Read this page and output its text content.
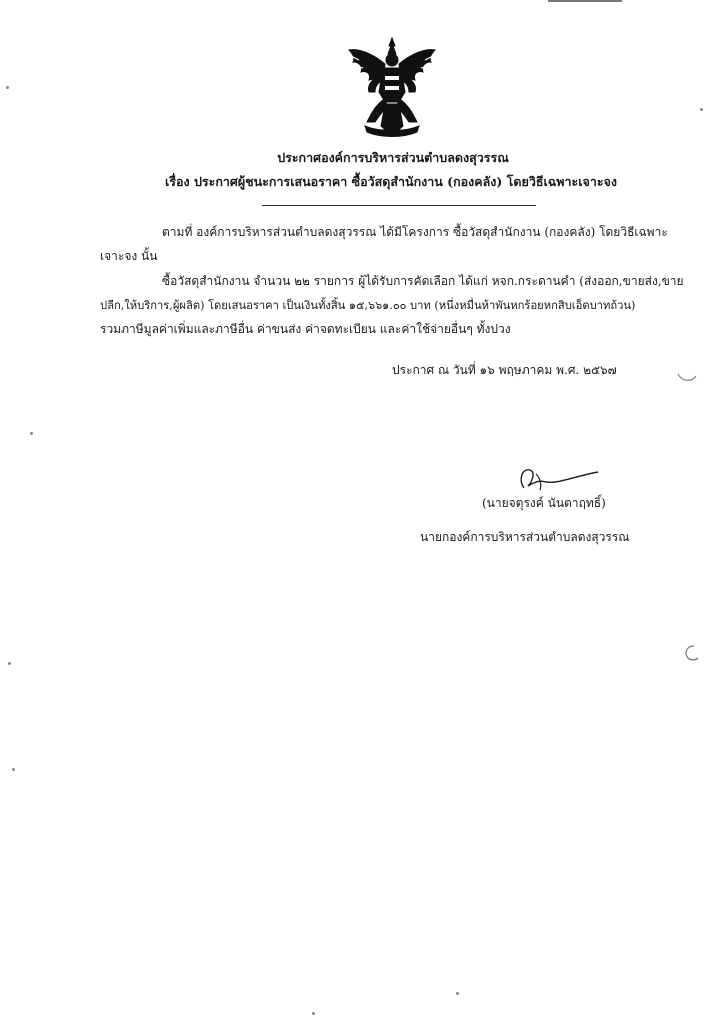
ประกาศองค์การบริหารส่วนตำบลดงสุวรรณ
เรื่อง ประกาศผู้ชนะการเสนอราคา ซื้อวัสดุสำนักงาน (กองคลัง) โดยวิธีเฉพาะเจาะจง
ตามที่ องค์การบริหารส่วนตำบลดงสุวรรณ ได้มีโครงการ ซื้อวัสดุสำนักงาน (กองคลัง) โดยวิธีเฉพาะ
เจาะจง นั้น
ซื้อวัสดุสำนักงาน จำนวน ๒๒ รายการ ผู้ได้รับการคัดเลือก ได้แก่ หจก.กระดานคำ (ส่งออก,ขายส่ง,ขาย
ปลีก,ให้บริการ,ผู้ผลิต) โดยเสนอราคา เป็นเงินทั้งสิ้น ๑๕,๖๖๑.๐๐ บาท (หนึ่งหมื่นห้าพันหกร้อยหกสิบเอ็ดบาทถ้วน)
รวมภาษีมูลค่าเพิ่มและภาษีอื่น ค่าขนส่ง ค่าจดทะเบียน และค่าใช้จ่ายอื่นๆ ทั้งปวง
ประกาศ ณ วันที่ ๑๖ พฤษภาคม พ.ศ. ๒๕๖๗
(นายจตุรงค์ นันตาฤทธิ์)
นายกองค์การบริหารส่วนตำบลดงสุวรรณ
